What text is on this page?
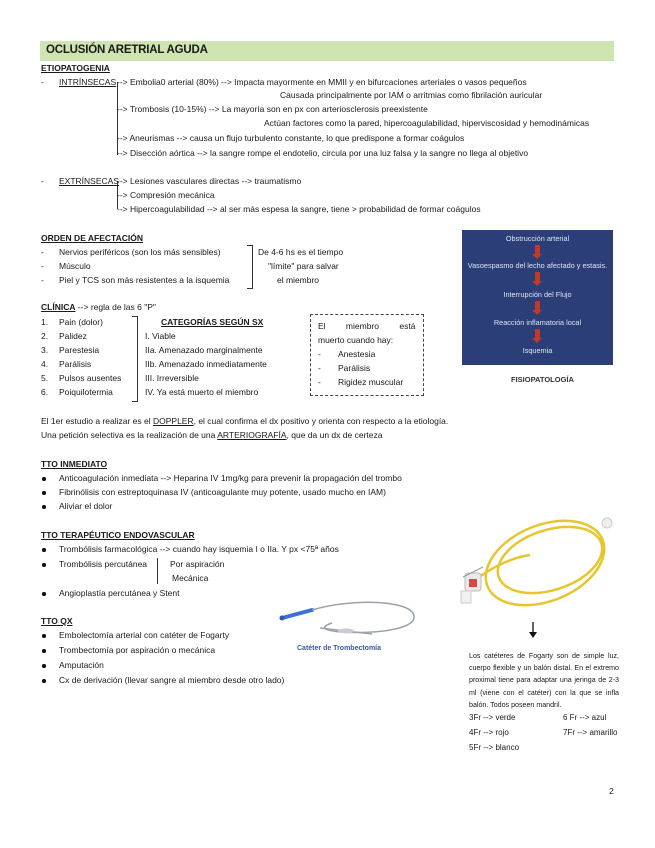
OCLUSIÓN ARETRIAL AGUDA
ETIOPATOGENIA
- INTRÍNSECAS --> Embolia0 arterial (80%) --> Impacta mayormente en MMII y en bifurcaciones arteriales o vasos pequeños
Causada principalmente por IAM o arritmias como fibrilación auricular
--> Trombosis (10-15%) --> La mayoría son en px con arteriosclerosis preexistente
Actúan factores como la pared, hipercoagulabilidad, hiperviscosidad y hemodinámicas
--> Aneurismas --> causa un flujo turbulento constante, lo que predispone a formar coágulos
--> Disección aórtica --> la sangre rompe el endotelio, circula por una luz falsa y la sangre no llega al objetivo
- EXTRÍNSECAS
--> Lesiones vasculares directas --> traumatismo
--> Compresión mecánica
--> Hipercoagulabilidad --> al ser más espesa la sangre, tiene > probabilidad de formar coágulos
ORDEN DE AFECTACIÓN
- Nervios periféricos (son los más sensibles)
- Músculo
- Piel y TCS son más resistentes a la isquemia
De 4-6 hs es el tiempo
"límite" para salvar
el miembro
Obstrucción arterial
Vasoespasmo del lecho afectado y estasis.
Interrupción del Flujo
Reacción inflamatoria local
Isquemia
FISIOPATOLOGÍA
CLÍNICA --> regla de las 6 "P"
1. Pain (dolor)
2. Palidez
3. Parestesia
4. Parálisis
5. Pulsos ausentes
6. Poiquilotermia
CATEGORÍAS SEGÚN SX
I. Viable
IIa. Amenazado marginalmente
IIb. Amenazado inmediatamente
III. Irreversible
IV. Ya está muerto el miembro
El miembro está
muerto cuando hay:
- Anestesia
- Parálisis
- Rigidez muscular
El 1er estudio a realizar es el DOPPLER, el cual confirma el dx positivo y orienta con respecto a la etiología.
Una petición selectiva es la realización de una ARTERIOGRAFÍA, que da un dx de certeza
TTO INMEDIATO
Anticoagulación inmediata --> Heparina IV 1mg/kg para prevenir la propagación del trombo
Fibrinólisis con estreptoquinasa IV (anticoagulante muy potente, usado mucho en IAM)
Aliviar el dolor
TTO TERAPÉUTICO ENDOVASCULAR
Trombólisis farmacológica --> cuando hay isquemia I o IIa. Y px <75ª años
Trombólisis percutánea	Por aspiración
Mecánica
Angioplastía percutánea y Stent
TTO QX
Embolectomía arterial con catéter de Fogarty
Trombectomía por aspiración o mecánica
Amputación
Cx de derivación (llevar sangre al miembro desde otro lado)
Catéter de Trombectomía
Los catéteres de Fogarty son de simple luz, cuerpo flexible y un balón distal. En el extremo proximal tiene para adaptar una jeringa de 2-3 ml (viene con el catéter) con la que se infla balón. Todos poseen mandril.
3Fr --> verde	6 Fr --> azul
4Fr --> rojo	7Fr --> amarillo
5Fr --> blanco
2
